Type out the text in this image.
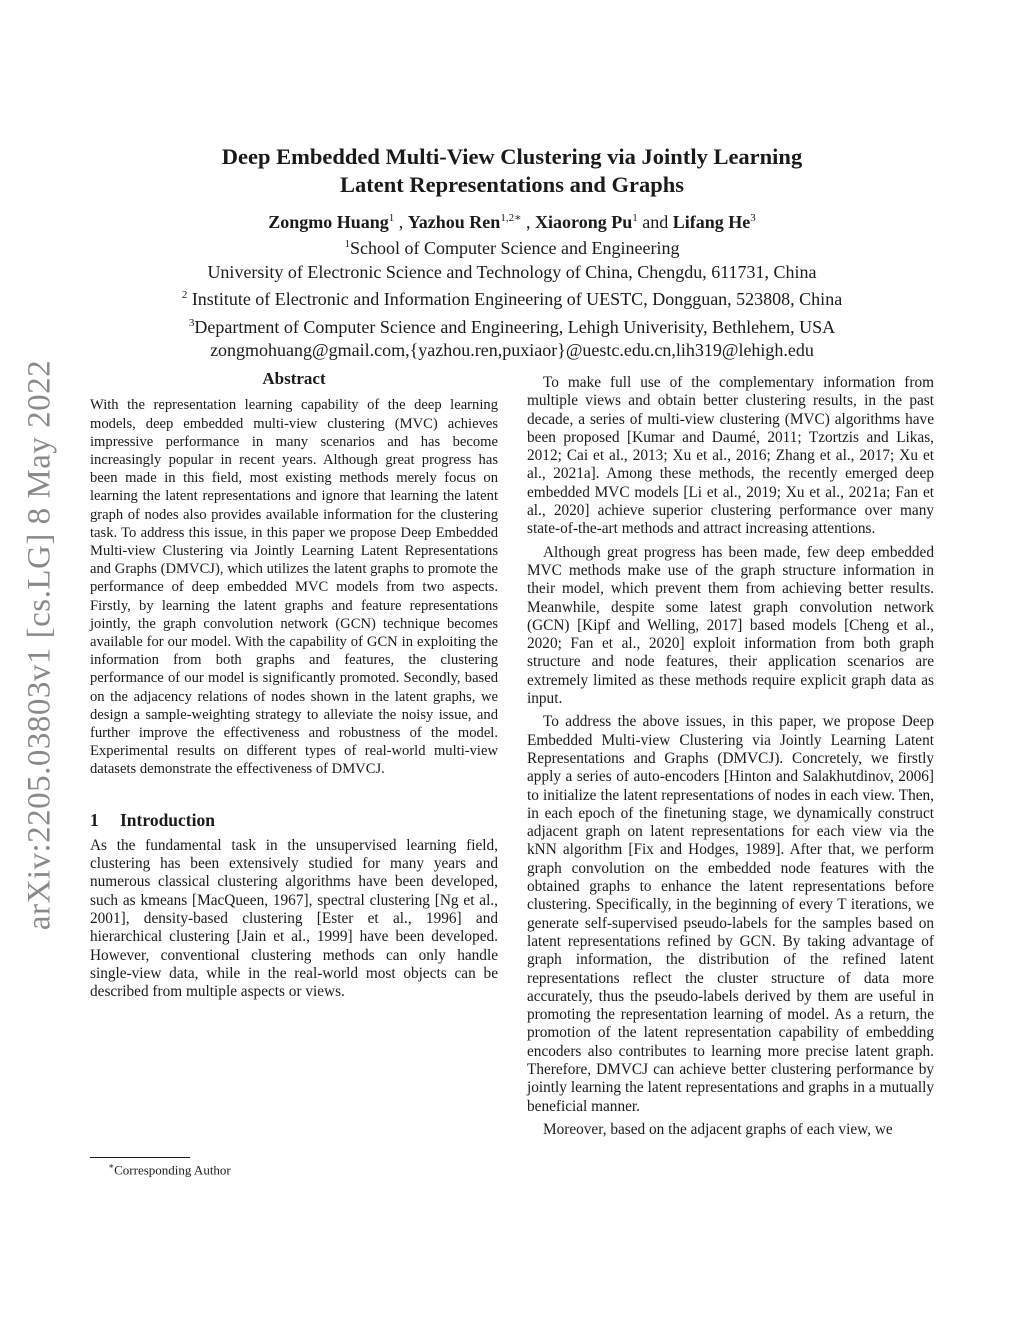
arXiv:2205.03803v1 [cs.LG] 8 May 2022
Deep Embedded Multi-View Clustering via Jointly Learning
Latent Representations and Graphs
Zongmo Huang$^1$ , Yazhou Ren$^{1,2∗}$ , Xiaorong Pu$^1$ and Lifang He$^3$
$^1$School of Computer Science and Engineering
University of Electronic Science and Technology of China, Chengdu, 611731, China
$^2$ Institute of Electronic and Information Engineering of UESTC, Dongguan, 523808, China
$^3$Department of Computer Science and Engineering, Lehigh Univerisity, Bethlehem, USA
zongmohuang@gmail.com,{yazhou.ren,puxiaor}@uestc.edu.cn,lih319@lehigh.edu
Abstract

With the representation learning capability of the deep learning models, deep embedded multi-view clustering (MVC) achieves impressive performance in many scenarios and has become increasingly popular in recent years. Although great progress has been made in this field, most existing methods merely focus on learning the latent representations and ignore that learning the latent graph of nodes also provides available information for the clustering task. To address this issue, in this paper we propose Deep Embedded Multi-view Clustering via Jointly Learning Latent Representations and Graphs (DMVCJ), which utilizes the latent graphs to promote the performance of deep embedded MVC models from two aspects. Firstly, by learning the latent graphs and feature representations jointly, the graph convolution network (GCN) technique becomes available for our model. With the capability of GCN in exploiting the information from both graphs and features, the clustering performance of our model is significantly promoted. Secondly, based on the adjacency relations of nodes shown in the latent graphs, we design a sample-weighting strategy to alleviate the noisy issue, and further improve the effectiveness and robustness of the model. Experimental results on different types of real-world multi-view datasets demonstrate the effectiveness of DMVCJ.

1 Introduction

As the fundamental task in the unsupervised learning field, clustering has been extensively studied for many years and numerous classical clustering algorithms have been developed, such as kmeans [MacQueen, 1967], spectral clustering [Ng et al., 2001], density-based clustering [Ester et al., 1996] and hierarchical clustering [Jain et al., 1999] have been developed. However, conventional clustering methods can only handle single-view data, while in the real-world most objects can be described from multiple aspects or views.

To make full use of the complementary information from multiple views and obtain better clustering results, in the past decade, a series of multi-view clustering (MVC) algorithms have been proposed [Kumar and Daumé, 2011; Tzortzis and Likas, 2012; Cai et al., 2013; Xu et al., 2016; Zhang et al., 2017; Xu et al., 2021a]. Among these methods, the recently emerged deep embedded MVC models [Li et al., 2019; Xu et al., 2021a; Fan et al., 2020] achieve superior clustering performance over many state-of-the-art methods and attract increasing attentions.

Although great progress has been made, few deep embedded MVC methods make use of the graph structure information in their model, which prevent them from achieving better results. Meanwhile, despite some latest graph convolution network (GCN) [Kipf and Welling, 2017] based models [Cheng et al., 2020; Fan et al., 2020] exploit information from both graph structure and node features, their application scenarios are extremely limited as these methods require explicit graph data as input.

To address the above issues, in this paper, we propose Deep Embedded Multi-view Clustering via Jointly Learning Latent Representations and Graphs (DMVCJ). Concretely, we firstly apply a series of auto-encoders [Hinton and Salakhutdinov, 2006] to initialize the latent representations of nodes in each view. Then, in each epoch of the finetuning stage, we dynamically construct adjacent graph on latent representations for each view via the kNN algorithm [Fix and Hodges, 1989]. After that, we perform graph convolution on the embedded node features with the obtained graphs to enhance the latent representations before clustering. Specifically, in the beginning of every T iterations, we generate self-supervised pseudo-labels for the samples based on latent representations refined by GCN. By taking advantage of graph information, the distribution of the refined latent representations reflect the cluster structure of data more accurately, thus the pseudo-labels derived by them are useful in promoting the representation learning of model. As a return, the promotion of the latent representation capability of embedding encoders also contributes to learning more precise latent graph. Therefore, DMVCJ can achieve better clustering performance by jointly learning the latent representations and graphs in a mutually beneficial manner.

Moreover, based on the adjacent graphs of each view, we

∗Corresponding Author
